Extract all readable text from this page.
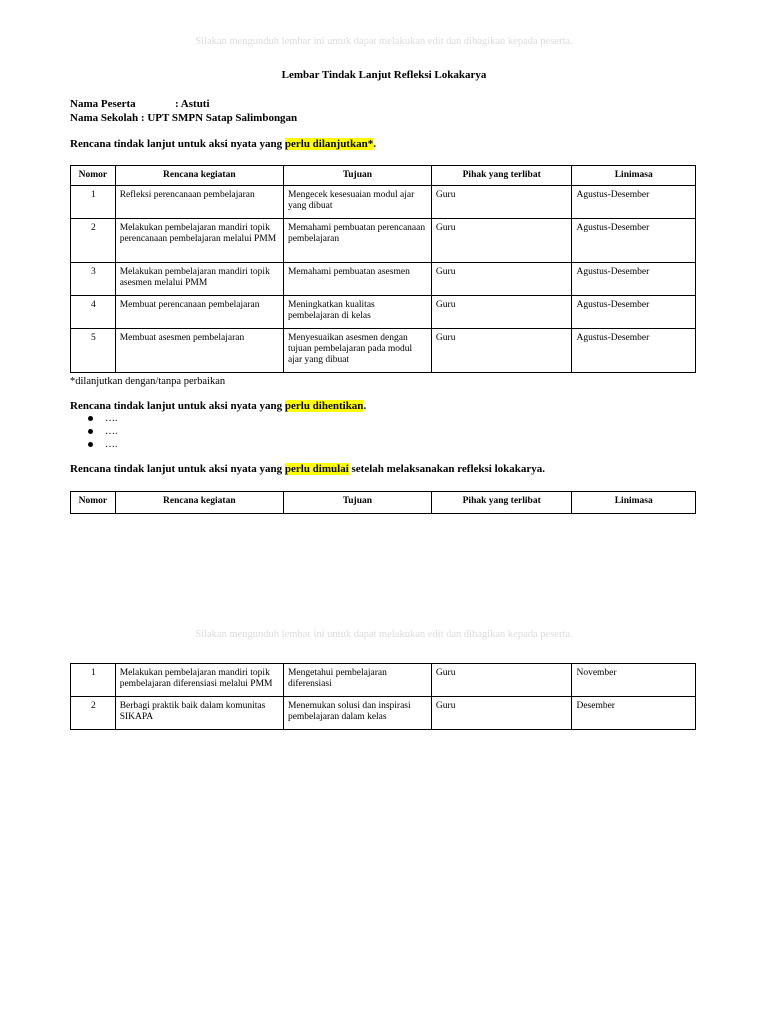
Silakan mengunduh lembar ini untuk dapat melakukan edit dan dibagikan kepada peserta.
Silakan mengunduh lembar ini untuk dapat melakukan edit dan dibagikan kepada peserta.
Lembar Tindak Lanjut Refleksi Lokakarya
Nama Peserta	: Astuti
Nama Sekolah : UPT SMPN Satap Salimbongan
Rencana tindak lanjut untuk aksi nyata yang perlu dilanjutkan*.
Nomor	Rencana kegiatan	Tujuan	Pihak yang terlibat	Linimasa
1	Refleksi perencanaan pembelajaran	Mengecek kesesuaian modul ajar yang dibuat	Guru	Agustus-Desember
2	Melakukan pembelajaran mandiri topik perencanaan pembelajaran melalui PMM	Memahami pembuatan perencanaan pembelajaran	Guru	Agustus-Desember
3	Melakukan pembelajaran mandiri topik asesmen melalui PMM	Memahami pembuatan asesmen	Guru	Agustus-Desember
4	Membuat perencanaan pembelajaran	Meningkatkan kualitas pembelajaran di kelas	Guru	Agustus-Desember
5	Membuat asesmen pembelajaran	Menyesuaikan asesmen dengan tujuan pembelajaran pada modul ajar yang dibuat	Guru	Agustus-Desember
*dilanjutkan dengan/tanpa perbaikan
Rencana tindak lanjut untuk aksi nyata yang perlu dihentikan.
….
….
….
Rencana tindak lanjut untuk aksi nyata yang perlu dimulai setelah melaksanakan refleksi lokakarya.
Nomor	Rencana kegiatan	Tujuan	Pihak yang terlibat	Linimasa
1	Melakukan pembelajaran mandiri topik pembelajaran diferensiasi melalui PMM	Mengetahui pembelajaran diferensiasi	Guru	November
2	Berbagi praktik baik dalam komunitas SIKAPA	Menemukan solusi dan inspirasi pembelajaran dalam kelas	Guru	Desember
